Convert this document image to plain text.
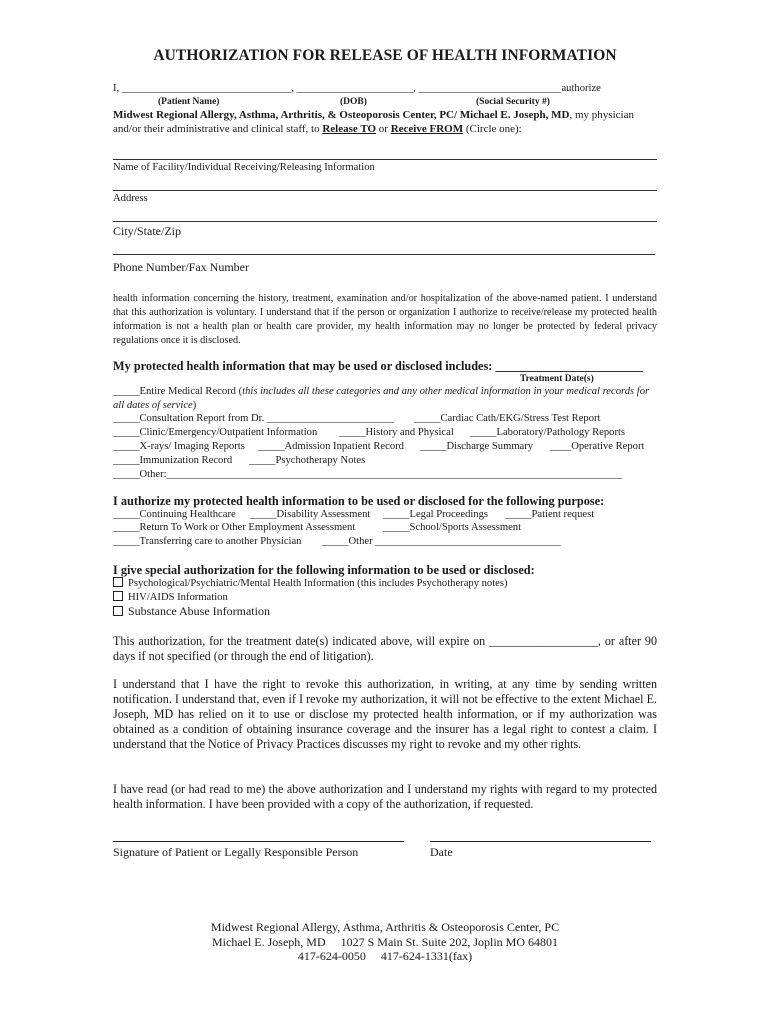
AUTHORIZATION FOR RELEASE OF HEALTH INFORMATION
I, ________________________________, ______________________, ___________________________authorize
(Patient Name)	(DOB)	(Social Security #)
Midwest Regional Allergy, Asthma, Arthritis, & Osteoporosis Center, PC/ Michael E. Joseph, MD, my physician
and/or their administrative and clinical staff, to Release TO or Receive FROM (Circle one):
Name of Facility/Individual Receiving/Releasing Information
Address
City/State/Zip
Phone Number/Fax Number
health information concerning the history, treatment, examination and/or hospitalization of the above-named patient. I understand that this authorization is voluntary. I understand that if the person or organization I authorize to receive/release my protected health information is not a health plan or health care provider, my health information may no longer be protected by federal privacy regulations once it is disclosed.
My protected health information that may be used or disclosed includes: ________________________
Treatment Date(s)
_____Entire Medical Record (this includes all these categories and any other medical information in your medical records for all dates of service)
_____Consultation Report from Dr. ________________________ _____Cardiac Cath/EKG/Stress Test Report
_____Clinic/Emergency/Outpatient Information _____History and Physical _____Laboratory/Pathology Reports
_____X-rays/ Imaging Reports _____Admission Inpatient Record _____Discharge Summary ____Operative Report
_____Immunization Record _____Psychotherapy Notes
_____Other:______________________________________________________________________________________
I authorize my protected health information to be used or disclosed for the following purpose:
_____Continuing Healthcare _____Disability Assessment _____Legal Proceedings _____Patient request
_____Return To Work or Other Employment Assessment	_____School/Sports Assessment
_____Transferring care to another Physician _____Other ___________________________________
I give special authorization for the following information to be used or disclosed:
Psychological/Psychiatric/Mental Health Information (this includes Psychotherapy notes)
HIV/AIDS Information
Substance Abuse Information
This authorization, for the treatment date(s) indicated above, will expire on __________________, or after 90 days if not specified (or through the end of litigation).
I understand that I have the right to revoke this authorization, in writing, at any time by sending written notification. I understand that, even if I revoke my authorization, it will not be effective to the extent Michael E. Joseph, MD has relied on it to use or disclose my protected health information, or if my authorization was obtained as a condition of obtaining insurance coverage and the insurer has a legal right to contest a claim. I understand that the Notice of Privacy Practices discusses my right to revoke and my other rights.
I have read (or had read to me) the above authorization and I understand my rights with regard to my protected health information. I have been provided with a copy of the authorization, if requested.
Signature of Patient or Legally Responsible Person	Date
Midwest Regional Allergy, Asthma, Arthritis & Osteoporosis Center, PC
Michael E. Joseph, MD     1027 S Main St. Suite 202, Joplin MO 64801
417-624-0050     417-624-1331(fax)
